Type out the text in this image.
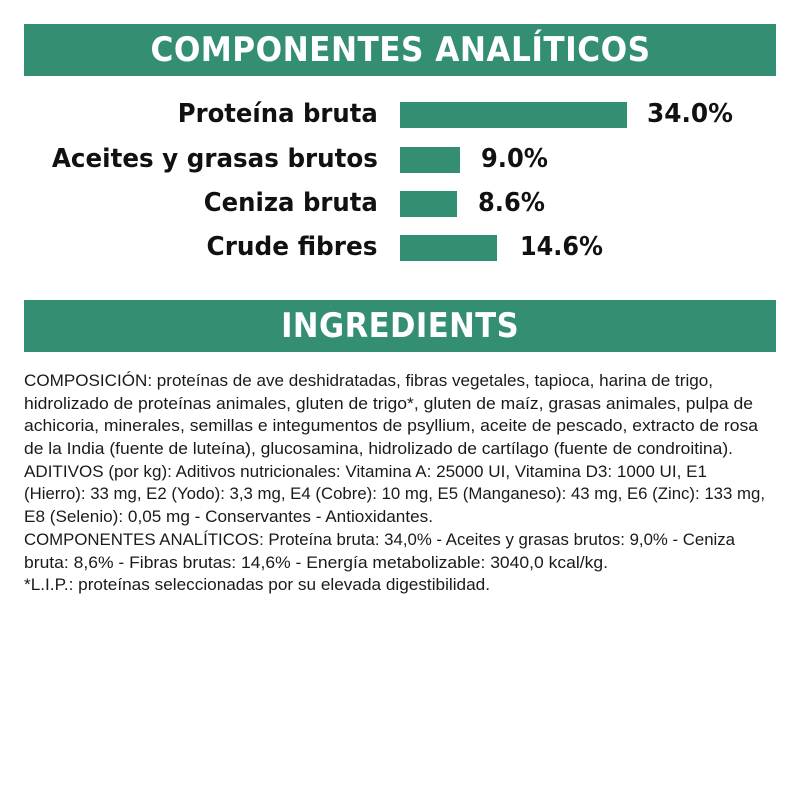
COMPONENTES ANALÍTICOS
Proteína bruta	34.0%
Aceites y grasas brutos	9.0%
Ceniza bruta	8.6%
Crude fibres	14.6%
INGREDIENTS
COMPOSICIÓN: proteínas de ave deshidratadas, fibras vegetales, tapioca, harina de trigo,
hidrolizado de proteínas animales, gluten de trigo*, gluten de maíz, grasas animales, pulpa de
achicoria, minerales, semillas e integumentos de psyllium, aceite de pescado, extracto de rosa
de la India (fuente de luteína), glucosamina, hidrolizado de cartílago (fuente de condroitina).
ADITIVOS (por kg): Aditivos nutricionales: Vitamina A: 25000 UI, Vitamina D3: 1000 UI, E1
(Hierro): 33 mg, E2 (Yodo): 3,3 mg, E4 (Cobre): 10 mg, E5 (Manganeso): 43 mg, E6 (Zinc): 133 mg,
E8 (Selenio): 0,05 mg - Conservantes - Antioxidantes.
COMPONENTES ANALÍTICOS: Proteína bruta: 34,0% - Aceites y grasas brutos: 9,0% - Ceniza
bruta: 8,6% - Fibras brutas: 14,6% - Energía metabolizable: 3040,0 kcal/kg.
*L.I.P.: proteínas seleccionadas por su elevada digestibilidad.
